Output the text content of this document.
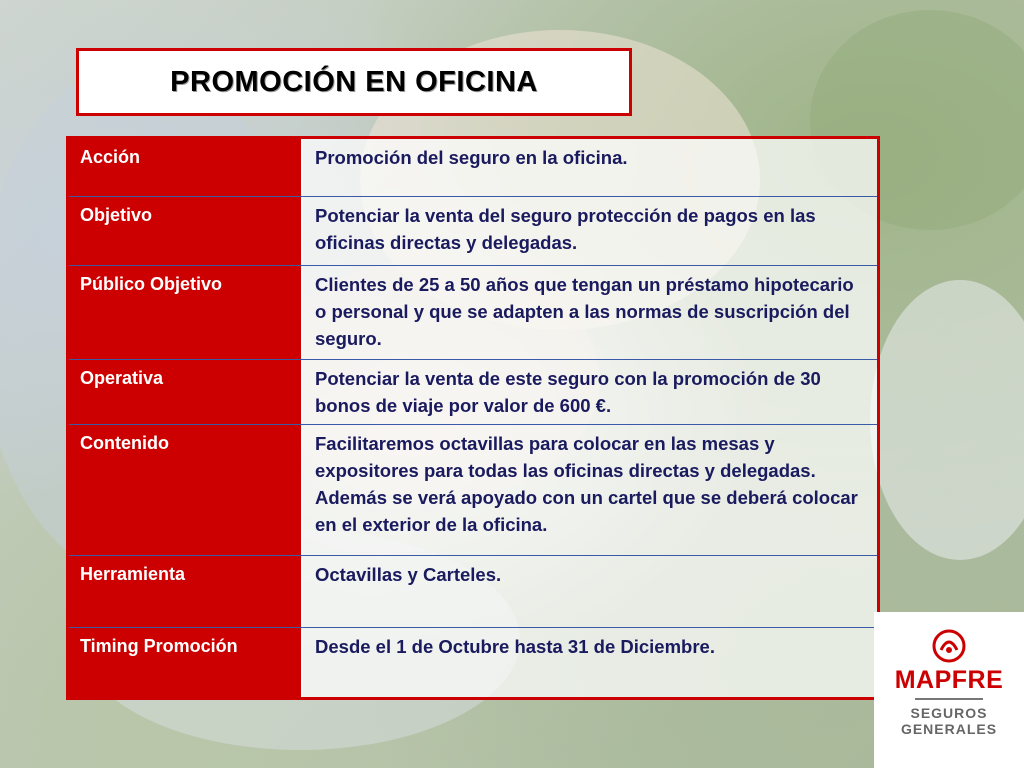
PROMOCIÓN EN OFICINA
Acción	Promoción del seguro en la oficina.
Objetivo	Potenciar la venta del seguro protección de pagos en las oficinas directas y delegadas.
Público Objetivo	Clientes de 25 a 50 años que tengan un préstamo hipotecario o personal y que se adapten a las normas de suscripción del seguro.
Operativa	Potenciar la venta de este seguro con la promoción de 30 bonos de viaje por valor de 600 €.
Contenido	Facilitaremos octavillas para colocar en las mesas y expositores para todas las oficinas directas y delegadas. Además se verá apoyado con un cartel que se deberá colocar en el exterior de la oficina.
Herramienta	Octavillas y Carteles.
Timing Promoción	Desde el 1 de Octubre hasta 31 de Diciembre.
MAPFRE
SEGUROS
GENERALES
